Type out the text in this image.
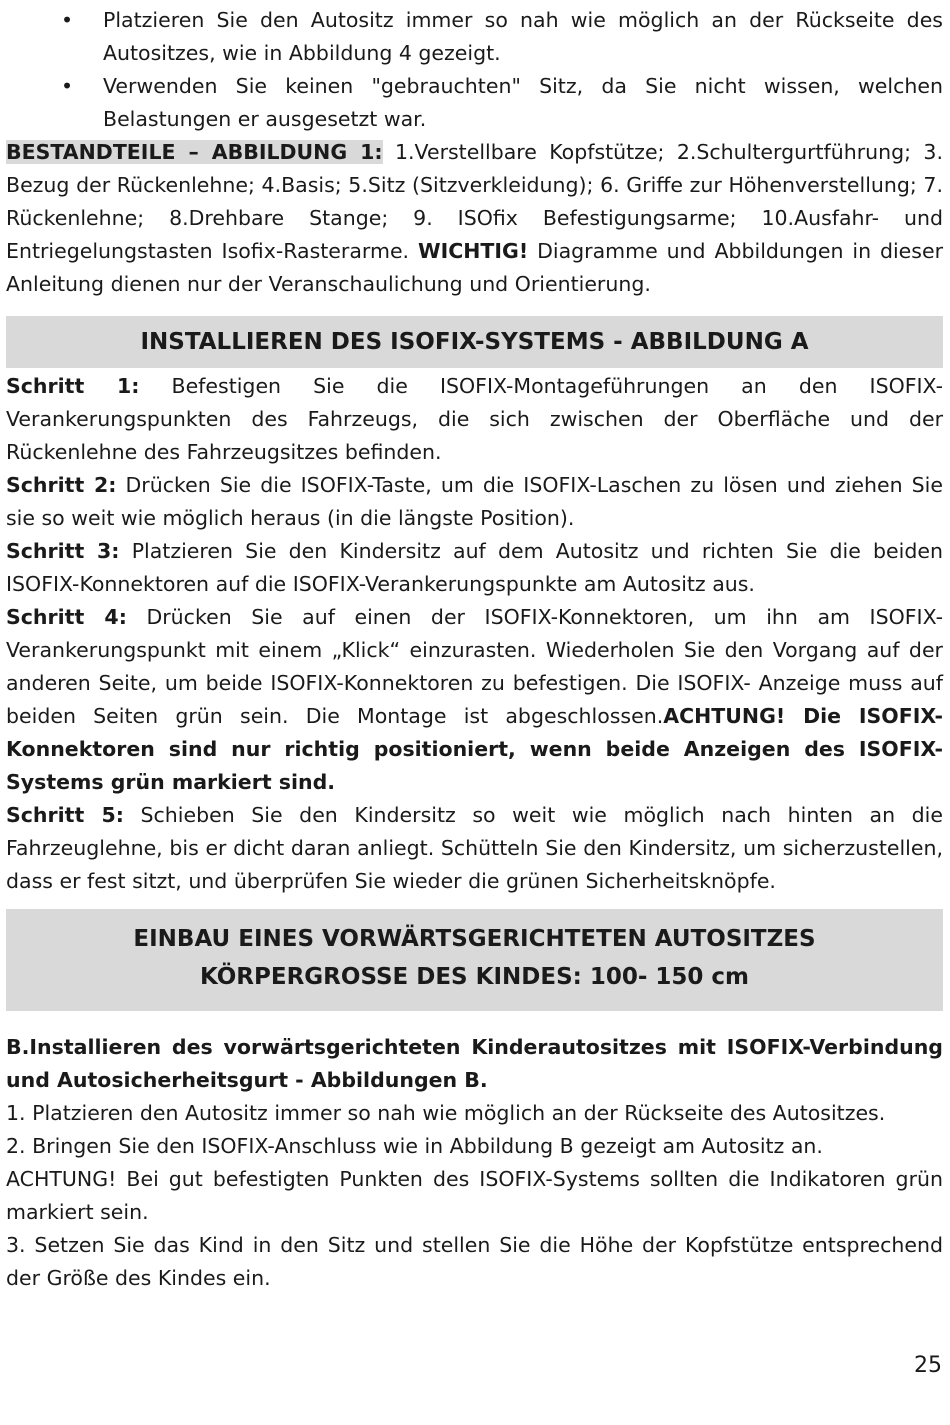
• Platzieren Sie den Autositz immer so nah wie möglich an der Rückseite des Autositzes, wie in Abbildung 4 gezeigt.
• Verwenden Sie keinen "gebrauchten" Sitz, da Sie nicht wissen, welchen Belastungen er ausgesetzt war.

BESTANDTEILE – ABBILDUNG 1: 1.Verstellbare Kopfstütze; 2.Schultergurtführung; 3. Bezug der Rückenlehne; 4.Basis; 5.Sitz (Sitzverkleidung); 6. Griffe zur Höhenverstellung; 7. Rückenlehne; 8.Drehbare Stange; 9. ISOfix Befestigungsarme; 10.Ausfahr- und Entriegelungstasten Isofix-Rasterarme. WICHTIG! Diagramme und Abbildungen in dieser Anleitung dienen nur der Veranschaulichung und Orientierung.

INSTALLIEREN DES ISOFIX-SYSTEMS - ABBILDUNG A

Schritt 1: Befestigen Sie die ISOFIX-Montageführungen an den ISOFIX-Verankerungspunkten des Fahrzeugs, die sich zwischen der Oberfläche und der Rückenlehne des Fahrzeugsitzes befinden.

Schritt 2: Drücken Sie die ISOFIX-Taste, um die ISOFIX-Laschen zu lösen und ziehen Sie sie so weit wie möglich heraus (in die längste Position).

Schritt 3: Platzieren Sie den Kindersitz auf dem Autositz und richten Sie die beiden ISOFIX-Konnektoren auf die ISOFIX-Verankerungspunkte am Autositz aus.

Schritt 4: Drücken Sie auf einen der ISOFIX-Konnektoren, um ihn am ISOFIX-Verankerungspunkt mit einem „Klick“ einzurasten. Wiederholen Sie den Vorgang auf der anderen Seite, um beide ISOFIX-Konnektoren zu befestigen. Die ISOFIX- Anzeige muss auf beiden Seiten grün sein. Die Montage ist abgeschlossen.ACHTUNG! Die ISOFIX-Konnektoren sind nur richtig positioniert, wenn beide Anzeigen des ISOFIX-Systems grün markiert sind.

Schritt 5: Schieben Sie den Kindersitz so weit wie möglich nach hinten an die Fahrzeuglehne, bis er dicht daran anliegt. Schütteln Sie den Kindersitz, um sicherzustellen, dass er fest sitzt, und überprüfen Sie wieder die grünen Sicherheitsknöpfe.

EINBAU EINES VORWÄRTSGERICHTETEN AUTOSITZES
KÖRPERGROSSE DES KINDES: 100- 150 cm

B.Installieren des vorwärtsgerichteten Kinderautositzes mit ISOFIX-Verbindung und Autosicherheitsgurt - Abbildungen B.

1. Platzieren den Autositz immer so nah wie möglich an der Rückseite des Autositzes.

2. Bringen Sie den ISOFIX-Anschluss wie in Abbildung B gezeigt am Autositz an.

ACHTUNG! Bei gut befestigten Punkten des ISOFIX-Systems sollten die Indikatoren grün markiert sein.

3. Setzen Sie das Kind in den Sitz und stellen Sie die Höhe der Kopfstütze entsprechend der Größe des Kindes ein.

25
